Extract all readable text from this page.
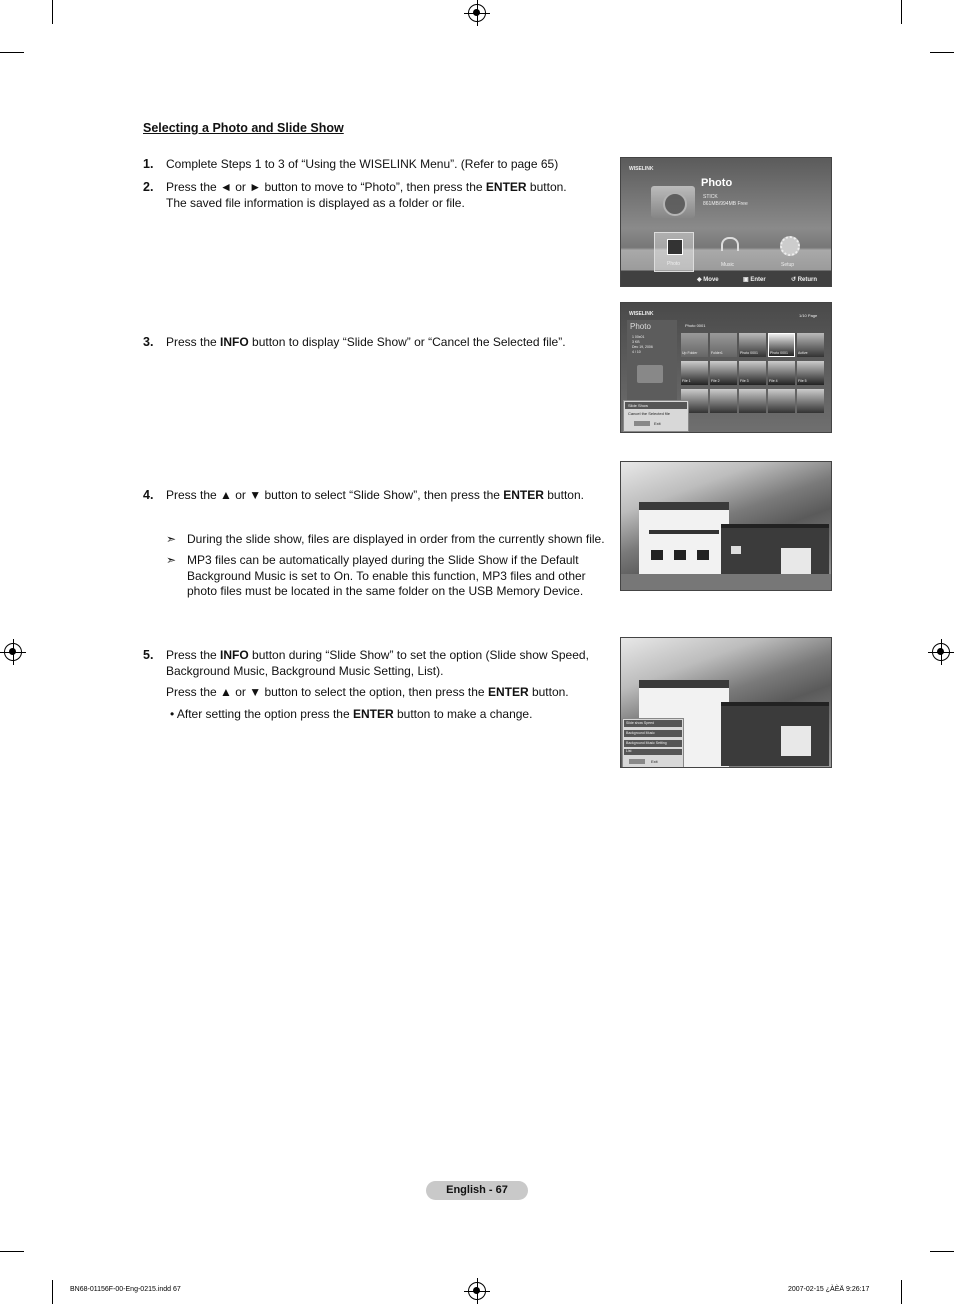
Selecting a Photo and Slide Show
1. Complete Steps 1 to 3 of “Using the WISELINK Menu”. (Refer to page 65)
2. Press the ◄ or ► button to move to “Photo”, then press the ENTER button.
The saved file information is displayed as a folder or file.
3. Press the INFO button to display “Slide Show” or “Cancel the Selected file”.
4. Press the ▲ or ▼ button to select “Slide Show”, then press the ENTER button.
➣ During the slide show, files are displayed in order from the currently shown file.
➣ MP3 files can be automatically played during the Slide Show if the Default
Background Music is set to On. To enable this function, MP3 files and other
photo files must be located in the same folder on the USB Memory Device.
5. Press the INFO button during “Slide Show” to set the option (Slide show Speed,
Background Music, Background Music Setting, List).
Press the ▲ or ▼ button to select the option, then press the ENTER button.
• After setting the option press the ENTER button to make a change.
WISELINK
Photo
STICK
861MB/994MB Free
Photo	Music	Setup
◆ Move	▣ Enter	↺ Return
WISELINK	1/10 Page
Photo
1 00x01
3 KB
Dec 19, 2006
4 / 10
Photo 0001
Up Folder	Folder1	Photo 0001	Photo 0001	Active
File 1	File 2	File 3	File 4	File 5
Slide Show
Cancel the Selected file
Exit
Slide show Speed
Background Music
Background Music Setting
List
Exit
English - 67
BN68-01156F-00-Eng-0215.indd 67	2007-02-15 ¿ÀÈÄ 9:26:17
